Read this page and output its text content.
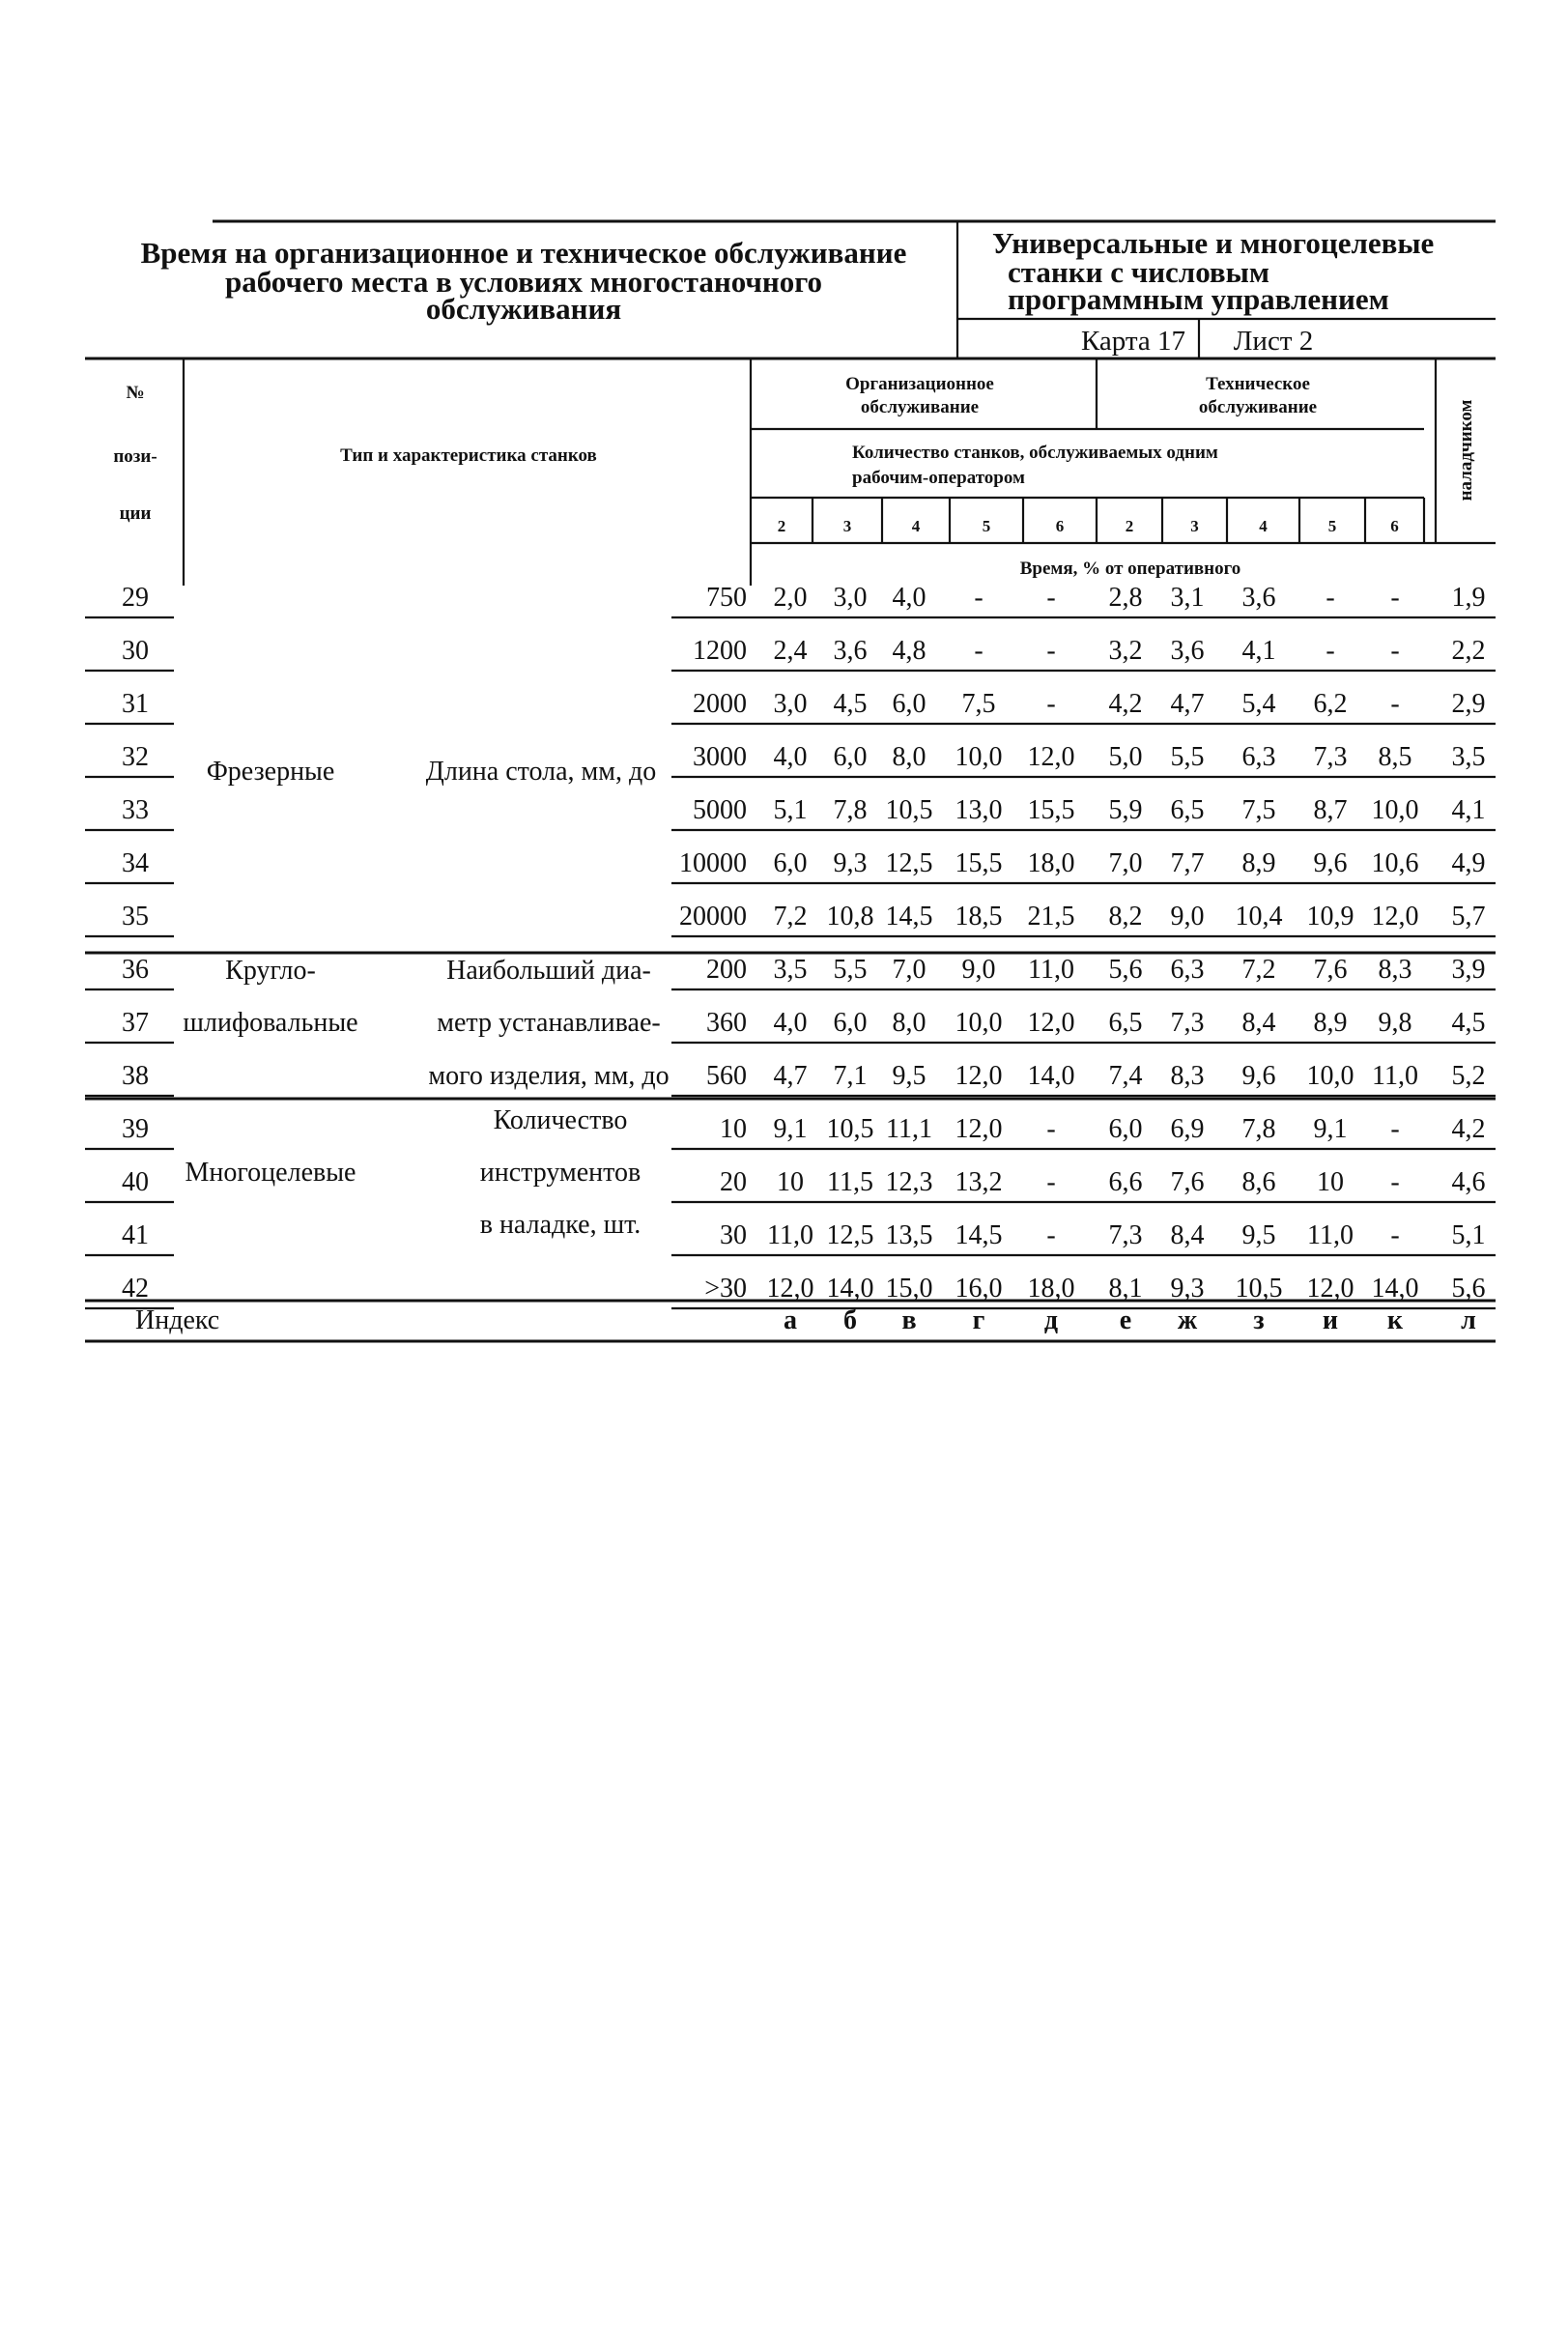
Время на организационное и техническое обслуживание
рабочего места в условиях многостаночного
обслуживания
Универсальные и многоцелевые
станки с числовым
программным управлением
Карта 17 Лист 2
№
пози-
ции
Тип и характеристика станков
Организационное
обслуживание
Техническое
обслуживание
Количество станков, обслуживаемых одним
рабочим-оператором	наладчиком
Время, % от оперативного
2	3	4	5	6	2	3	4	5	6
Фрезерные	Длина стола, мм, до
Кругло-
шлифовальные
Наибольший диа-
метр устанавливае-
мого изделия, мм, до
Многоцелевые
Количество
инструментов
в наладке, шт.
29	750 2,0 3,0 4,0 - - 2,8 3,1 3,6 - - 1,9
30	1200 2,4 3,6 4,8 - - 3,2 3,6 4,1 - - 2,2
31	2000 3,0 4,5 6,0 7,5 - 4,2 4,7 5,4 6,2 - 2,9
32	3000 4,0 6,0 8,0 10,0 12,0 5,0 5,5 6,3 7,3 8,5 3,5
33	5000 5,1 7,8 10,5 13,0 15,5 5,9 6,5 7,5 8,7 10,0 4,1
34	10000 6,0 9,3 12,5 15,5 18,0 7,0 7,7 8,9 9,6 10,6 4,9
35	20000 7,2 10,8 14,5 18,5 21,5 8,2 9,0 10,4 10,9 12,0 5,7
36	200 3,5 5,5 7,0 9,0 11,0 5,6 6,3 7,2 7,6 8,3 3,9
37	360 4,0 6,0 8,0 10,0 12,0 6,5 7,3 8,4 8,9 9,8 4,5
38	560 4,7 7,1 9,5 12,0 14,0 7,4 8,3 9,6 10,0 11,0 5,2
39	10 9,1 10,5 11,1 12,0 - 6,0 6,9 7,8 9,1 - 4,2
40	20 10 11,5 12,3 13,2 - 6,6 7,6 8,6 10 - 4,6
41	30 11,0 12,5 13,5 14,5 - 7,3 8,4 9,5 11,0 - 5,1
42	>30 12,0 14,0 15,0 16,0 18,0 8,1 9,3 10,5 12,0 14,0 5,6
Индекс	а б в г д е ж з и к л
